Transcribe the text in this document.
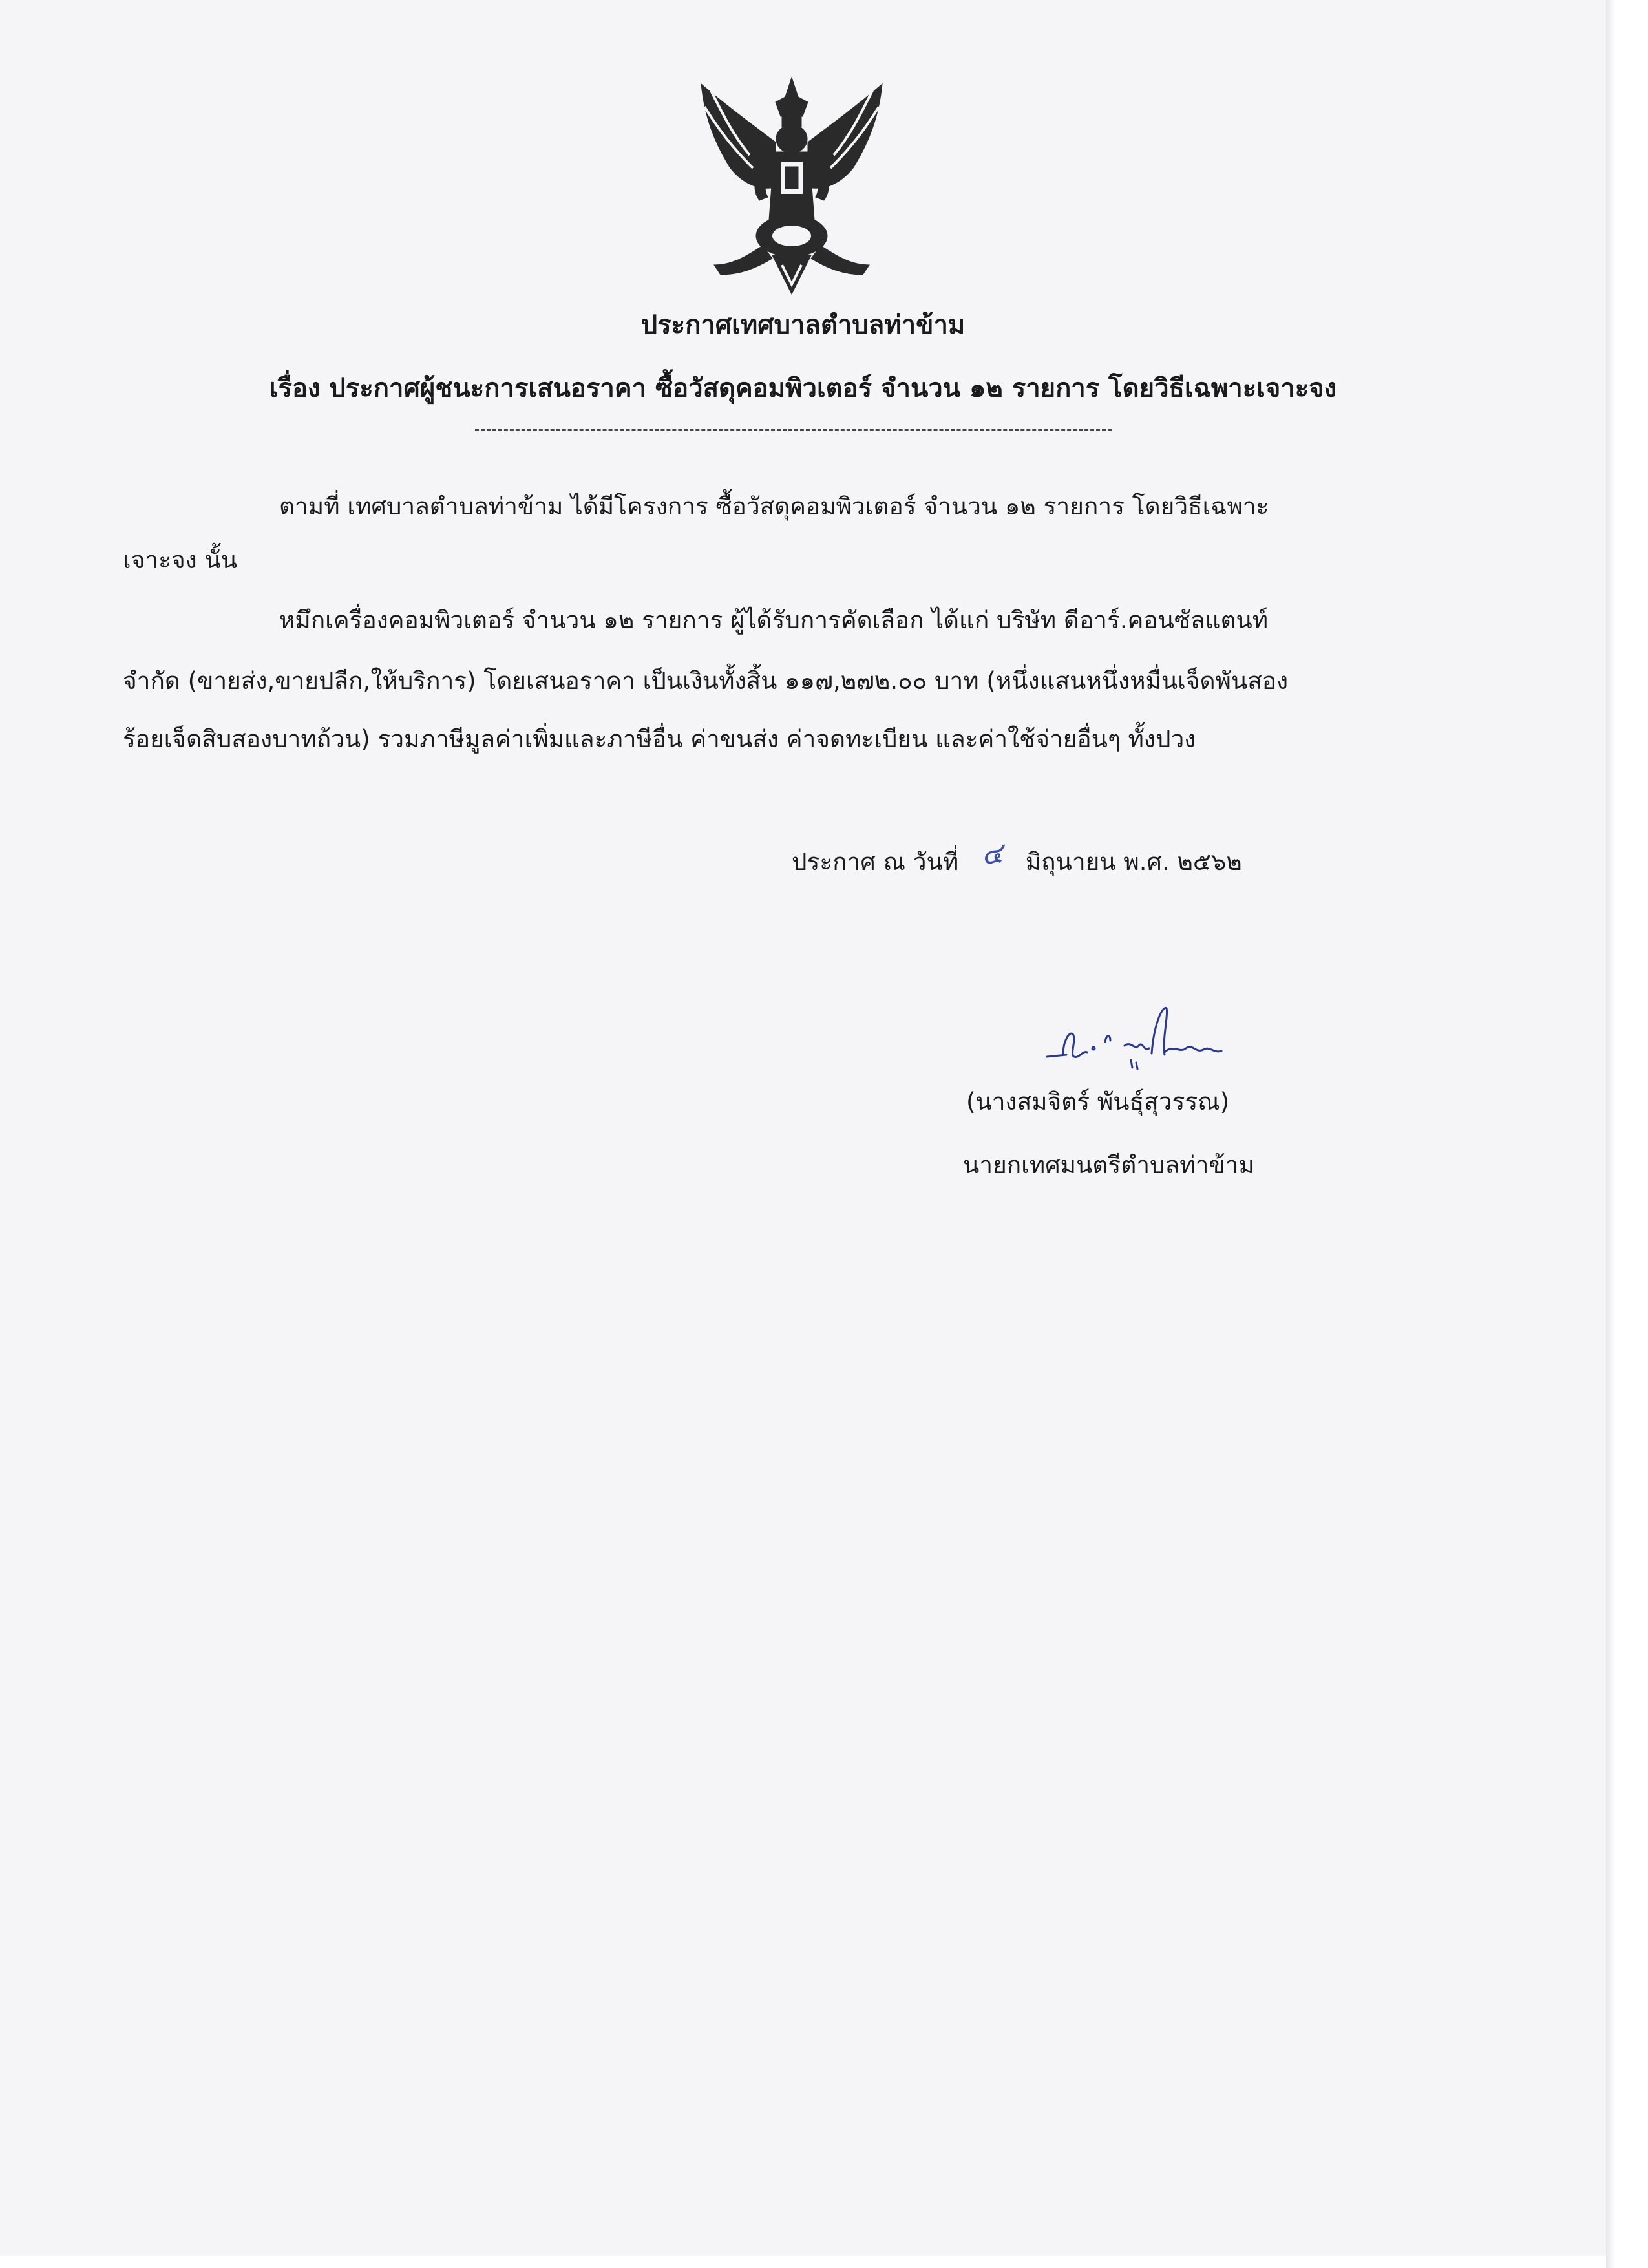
ประกาศเทศบาลตำบลท่าข้าม
เรื่อง ประกาศผู้ชนะการเสนอราคา ซื้อวัสดุคอมพิวเตอร์ จำนวน ๑๒ รายการ โดยวิธีเฉพาะเจาะจง
ตามที่ เทศบาลตำบลท่าข้าม ได้มีโครงการ ซื้อวัสดุคอมพิวเตอร์ จำนวน ๑๒ รายการ โดยวิธีเฉพาะ
เจาะจง นั้น
หมึกเครื่องคอมพิวเตอร์ จำนวน ๑๒ รายการ ผู้ได้รับการคัดเลือก ได้แก่ บริษัท ดีอาร์.คอนซัลแตนท์
จำกัด (ขายส่ง,ขายปลีก,ให้บริการ) โดยเสนอราคา เป็นเงินทั้งสิ้น ๑๑๗,๒๗๒.๐๐ บาท (หนึ่งแสนหนึ่งหมื่นเจ็ดพันสอง
ร้อยเจ็ดสิบสองบาทถ้วน) รวมภาษีมูลค่าเพิ่มและภาษีอื่น ค่าขนส่ง ค่าจดทะเบียน และค่าใช้จ่ายอื่นๆ ทั้งปวง
ประกาศ ณ วันที่ ๔ มิถุนายน พ.ศ. ๒๕๖๒
(นางสมจิตร์ พันธุ์สุวรรณ)
นายกเทศมนตรีตำบลท่าข้าม
